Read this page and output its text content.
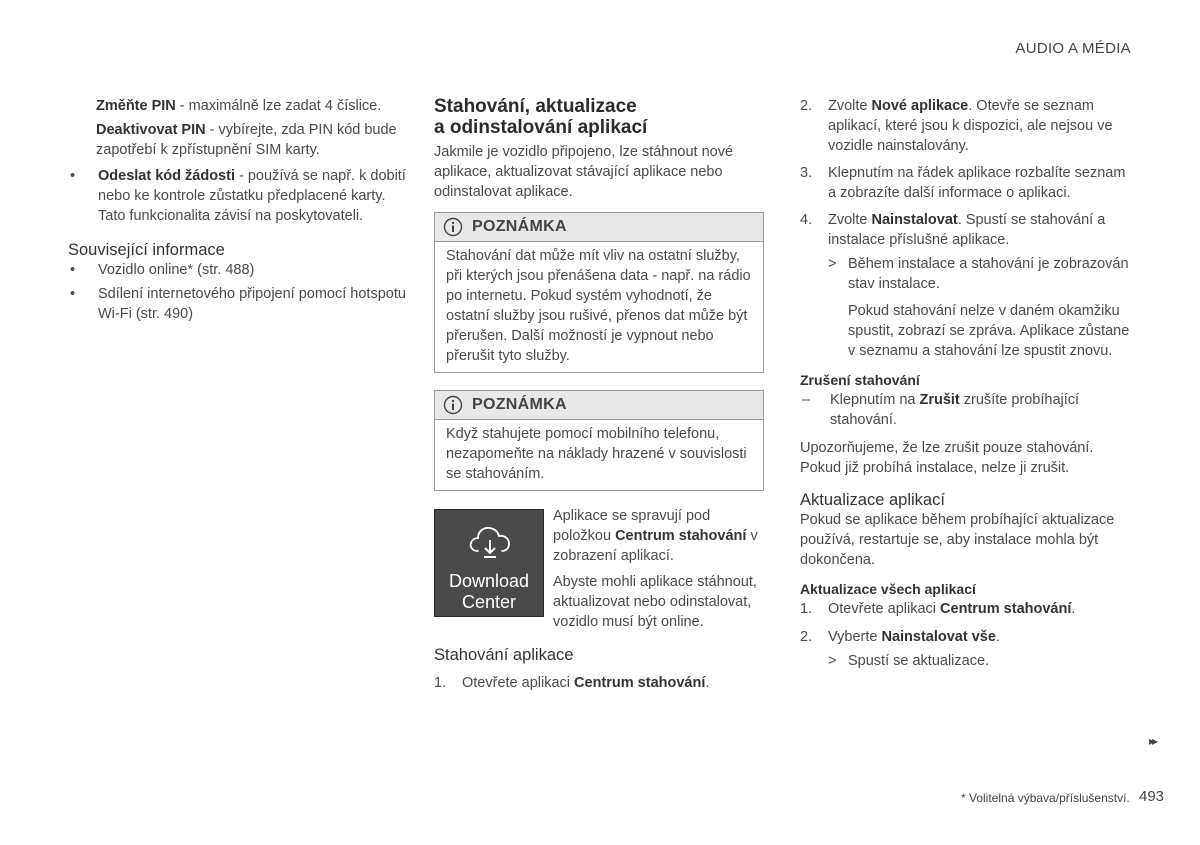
AUDIO A MÉDIA

Změňte PIN - maximálně lze zadat 4 číslice.

Deaktivovat PIN - vybírejte, zda PIN kód bude zapotřebí k zpřístupnění SIM karty.

•	Odeslat kód žádosti - používá se např. k dobití nebo ke kontrole zůstatku předplacené karty. Tato funkcionalita závisí na poskytovateli.
Související informace
•	Vozidlo online* (str. 488)
•	Sdílení internetového připojení pomocí hotspotu Wi-Fi (str. 490)
Stahování, aktualizace
a odinstalování aplikací

Jakmile je vozidlo připojeno, lze stáhnout nové aplikace, aktualizovat stávající aplikace nebo odinstalovat aplikace.

POZNÁMKA
Stahování dat může mít vliv na ostatní služby, při kterých jsou přenášena data - např. na rádio po internetu. Pokud systém vyhodnotí, že ostatní služby jsou rušivé, přenos dat může být přerušen. Další možností je vypnout nebo přerušit tyto služby.
POZNÁMKA
Když stahujete pomocí mobilního telefonu, nezapomeňte na náklady hrazené v souvislosti se stahováním.
Download
Center

Aplikace se spravují pod položkou Centrum stahování v zobrazení aplikací.

Abyste mohli aplikace stáhnout, aktualizovat nebo odinstalovat, vozidlo musí být online.

Stahování aplikace
1.	Otevřete aplikaci Centrum stahování.
2.	Zvolte Nové aplikace. Otevře se seznam aplikací, které jsou k dispozici, ale nejsou ve vozidle nainstalovány.
3.	Klepnutím na řádek aplikace rozbalíte seznam a zobrazíte další informace o aplikaci.
4.	Zvolte Nainstalovat. Spustí se stahování a instalace příslušné aplikace.
> Během instalace a stahování je zobrazován stav instalace.

Pokud stahování nelze v daném okamžiku spustit, zobrazí se zpráva. Aplikace zůstane v seznamu a stahování lze spustit znovu.

Zrušení stahování
–	Klepnutím na Zrušit zrušíte probíhající stahování.

Upozorňujeme, že lze zrušit pouze stahování. Pokud již probíhá instalace, nelze ji zrušit.

Aktualizace aplikací

Pokud se aplikace během probíhající aktualizace používá, restartuje se, aby instalace mohla být dokončena.

Aktualizace všech aplikací
1.	Otevřete aplikaci Centrum stahování.
2.	Vyberte Nainstalovat vše.
> Spustí se aktualizace.
▸▸
* Volitelná výbava/příslušenství. 493
